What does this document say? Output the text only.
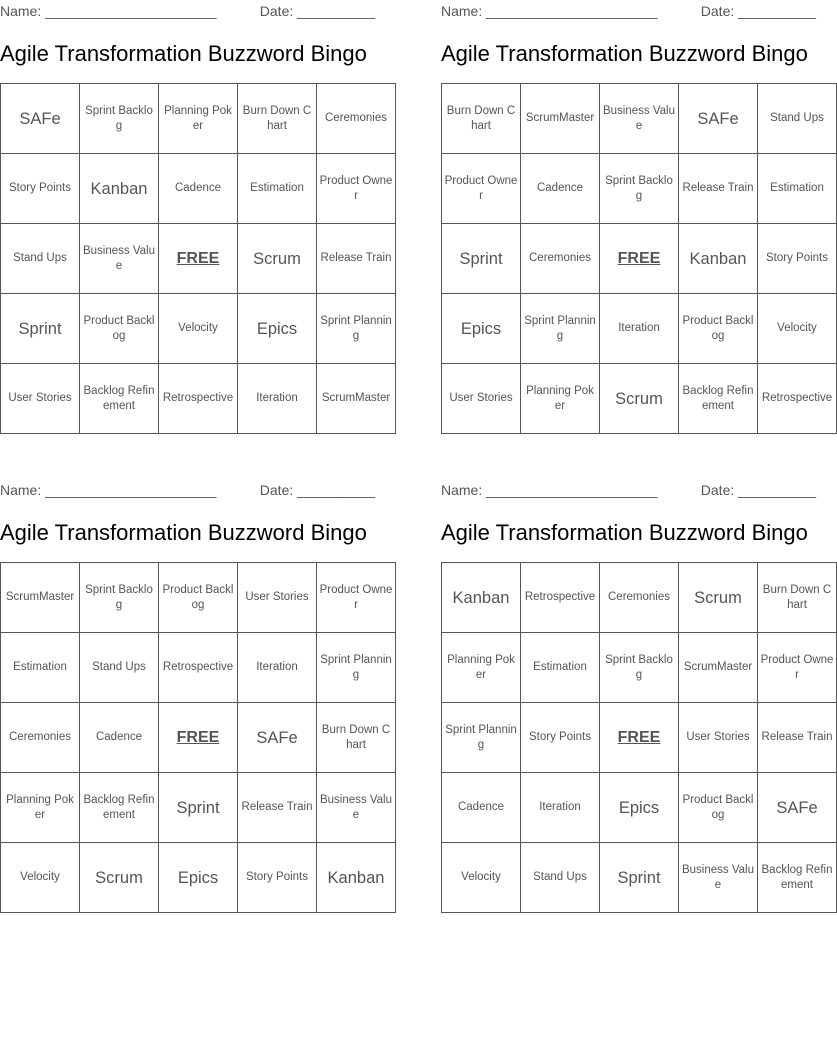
Name: ______________________	Date: __________
Agile Transformation Buzzword Bingo
SAFe	Sprint Backlog	Planning Poker	Burn Down Chart	Ceremonies
Story Points	Kanban	Cadence	Estimation	Product Owner
Stand Ups	Business Value	FREE	Scrum	Release Train
Sprint	Product Backlog	Velocity	Epics	Sprint Planning
User Stories	Backlog Refinement	Retrospective	Iteration	ScrumMaster
Name: ______________________	Date: __________
Agile Transformation Buzzword Bingo
Burn Down Chart	ScrumMaster	Business Value	SAFe	Stand Ups
Product Owner	Cadence	Sprint Backlog	Release Train	Estimation
Sprint	Ceremonies	FREE	Kanban	Story Points
Epics	Sprint Planning	Iteration	Product Backlog	Velocity
User Stories	Planning Poker	Scrum	Backlog Refinement	Retrospective
Name: ______________________	Date: __________
Agile Transformation Buzzword Bingo
ScrumMaster	Sprint Backlog	Product Backlog	User Stories	Product Owner
Estimation	Stand Ups	Retrospective	Iteration	Sprint Planning
Ceremonies	Cadence	FREE	SAFe	Burn Down Chart
Planning Poker	Backlog Refinement	Sprint	Release Train	Business Value
Velocity	Scrum	Epics	Story Points	Kanban
Name: ______________________	Date: __________
Agile Transformation Buzzword Bingo
Kanban	Retrospective	Ceremonies	Scrum	Burn Down Chart
Planning Poker	Estimation	Sprint Backlog	ScrumMaster	Product Owner
Sprint Planning	Story Points	FREE	User Stories	Release Train
Cadence	Iteration	Epics	Product Backlog	SAFe
Velocity	Stand Ups	Sprint	Business Value	Backlog Refinement
